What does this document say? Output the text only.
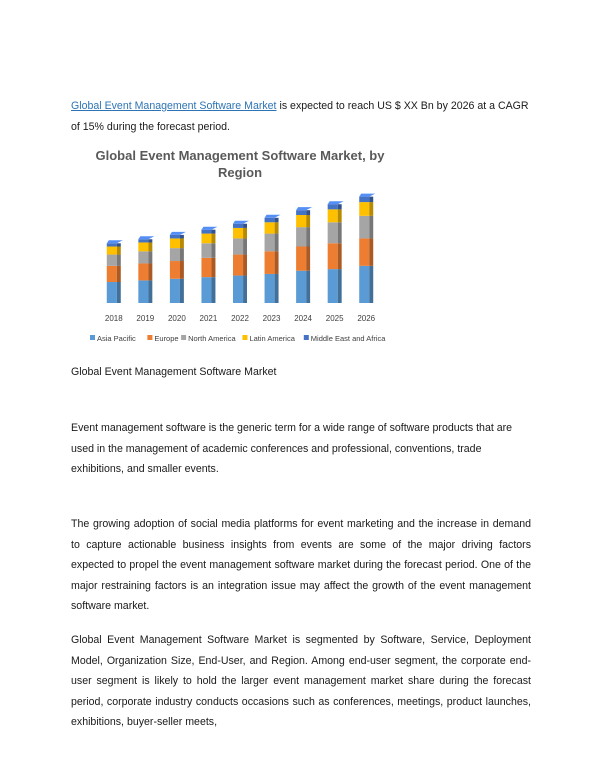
Global Event Management Software Market is expected to reach US $ XX Bn by 2026 at a CAGR of 15% during the forecast period.

Global Event Management Software Market, by Region
2018 2019 2020 2021 2022 2023 2024 2025 2026
Asia Pacific Europe North America Latin America Middle East and Africa
Global Event Management Software Market

Event management software is the generic term for a wide range of software products that are used in the management of academic conferences and professional, conventions, trade exhibitions, and smaller events.

The growing adoption of social media platforms for event marketing and the increase in demand to capture actionable business insights from events are some of the major driving factors expected to propel the event management software market during the forecast period. One of the major restraining factors is an integration issue may affect the growth of the event management software market.

Global Event Management Software Market is segmented by Software, Service, Deployment Model, Organization Size, End-User, and Region. Among end-user segment, the corporate end-user segment is likely to hold the larger event management market share during the forecast period, corporate industry conducts occasions such as conferences, meetings, product launches, exhibitions, buyer-seller meets,
